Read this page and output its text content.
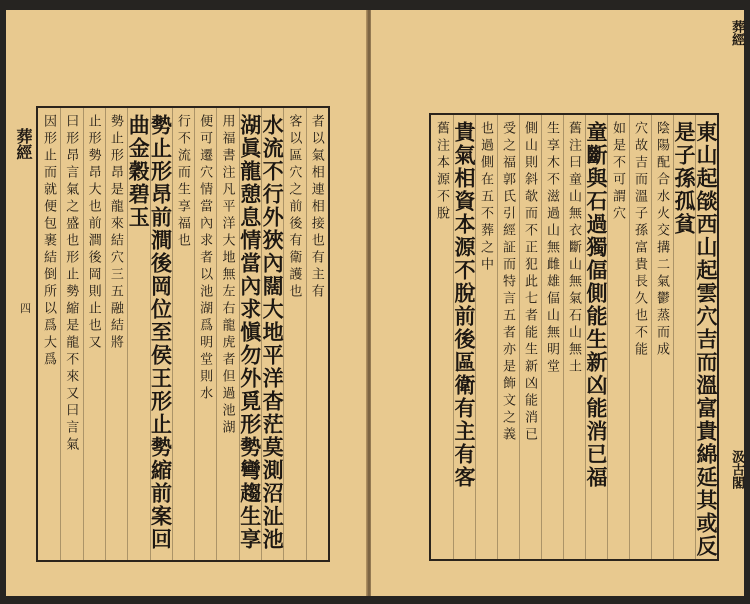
葬經	者以氣相連相接也有主有
客以區穴之前後有衛護也
水流不行外狹內闊大地平洋杳茫莫測沼沚池
湖眞龍憩息情當內求愼勿外覓形勢彎趨生享
用福書注凡平洋大地無左右龍虎者但過池湖
便可遷穴情當內求者以池湖爲明堂則水
行不流而生享福也
勢止形昂前澗後岡位至侯王形止勢縮前案回
曲金穀碧玉
勢止形昂是龍來結穴三五融結將
止形勢昂大也前澗後岡則止也又
曰形昂言氣之盛也形止勢縮是龍不來又曰言氣
因形止而就便包裹結倒所以爲大爲
四	東山起燄西山起雲穴吉而溫富貴綿延其或反
是子孫孤貧
陰陽配合水火交搆二氣鬱蒸而成
穴故吉而溫子孫富貴長久也不能
如是不可謂穴
童斷與石過獨偪側能生新凶能消已福
舊注曰童山無衣斷山無氣石山無土
生享木不滋過山無雌雄偪山無明堂
側山則斜欹而不正犯此七者能生新凶能消已
受之福郭氏引經証而特言五者亦是飾文之義
也過側在五不葬之中
貴氣相資本源不脫前後區衛有主有客
舊注本源不脫
葬經
汲古閣
